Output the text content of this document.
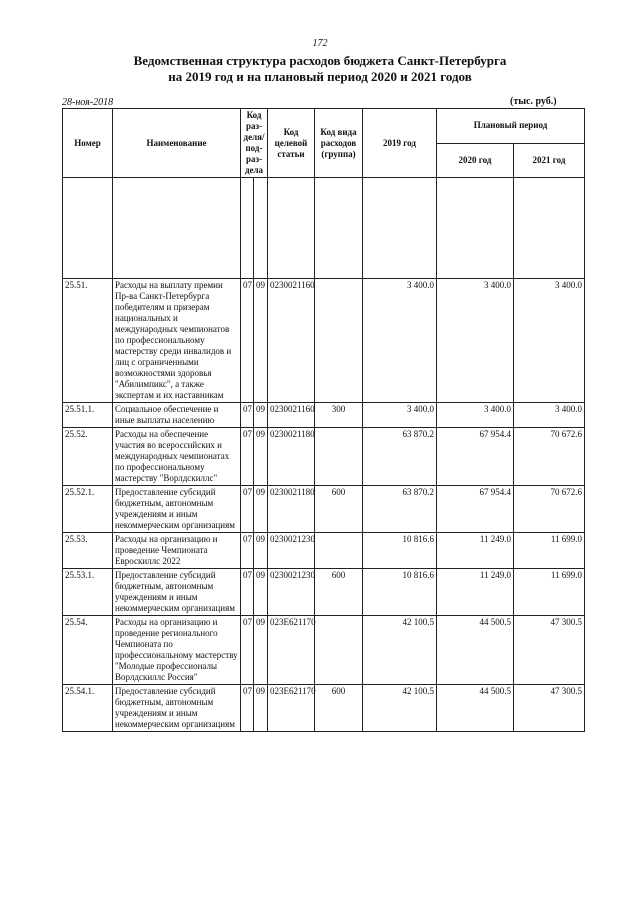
172
Ведомственная структура расходов бюджета Санкт-Петербурга
на 2019 год и на плановый период 2020 и 2021 годов
28-ноя-2018	(тыс. руб.)
Номер	Наименование	Код раз-деля/ под-раз-дела		Код целевой статьи	Код вида расходов (группа)	2019 год	Плановый период	
							2020 год	2021 год

25.51.	Расходы на выплату премии Пр-ва Санкт-Петербурга победителям и призерам национальных и международных чемпионатов по профессиональному мастерству среди инвалидов и лиц с ограниченными возможностями здоровья "Абилимпикс", а также экспертам и их наставникам	07	09	0230021160		3 400.0	3 400.0	3 400.0
25.51.1.	Социальное обеспечение и иные выплаты населению	07	09	0230021160	300	3 400.0	3 400.0	3 400.0
25.52.	Расходы на обеспечение участия во всероссийских и международных чемпионатах по профессиональному мастерству "Ворлдскиллс"	07	09	0230021180		63 870.2	67 954.4	70 672.6
25.52.1.	Предоставление субсидий бюджетным, автономным учреждениям и иным некоммерческим организациям	07	09	0230021180	600	63 870.2	67 954.4	70 672.6
25.53.	Расходы на организацию и проведение Чемпионата Евроскиллс 2022	07	09	0230021230		10 816.6	11 249.0	11 699.0
25.53.1.	Предоставление субсидий бюджетным, автономным учреждениям и иным некоммерческим организациям	07	09	0230021230	600	10 816.6	11 249.0	11 699.0
25.54.	Расходы на организацию и проведение регионального Чемпионата по профессиональному мастерству "Молодые профессионалы Ворлдскиллс Россия"	07	09	023E621170		42 100.5	44 500.5	47 300.5
25.54.1.	Предоставление субсидий бюджетным, автономным учреждениям и иным некоммерческим организациям	07	09	023E621170	600	42 100.5	44 500.5	47 300.5
